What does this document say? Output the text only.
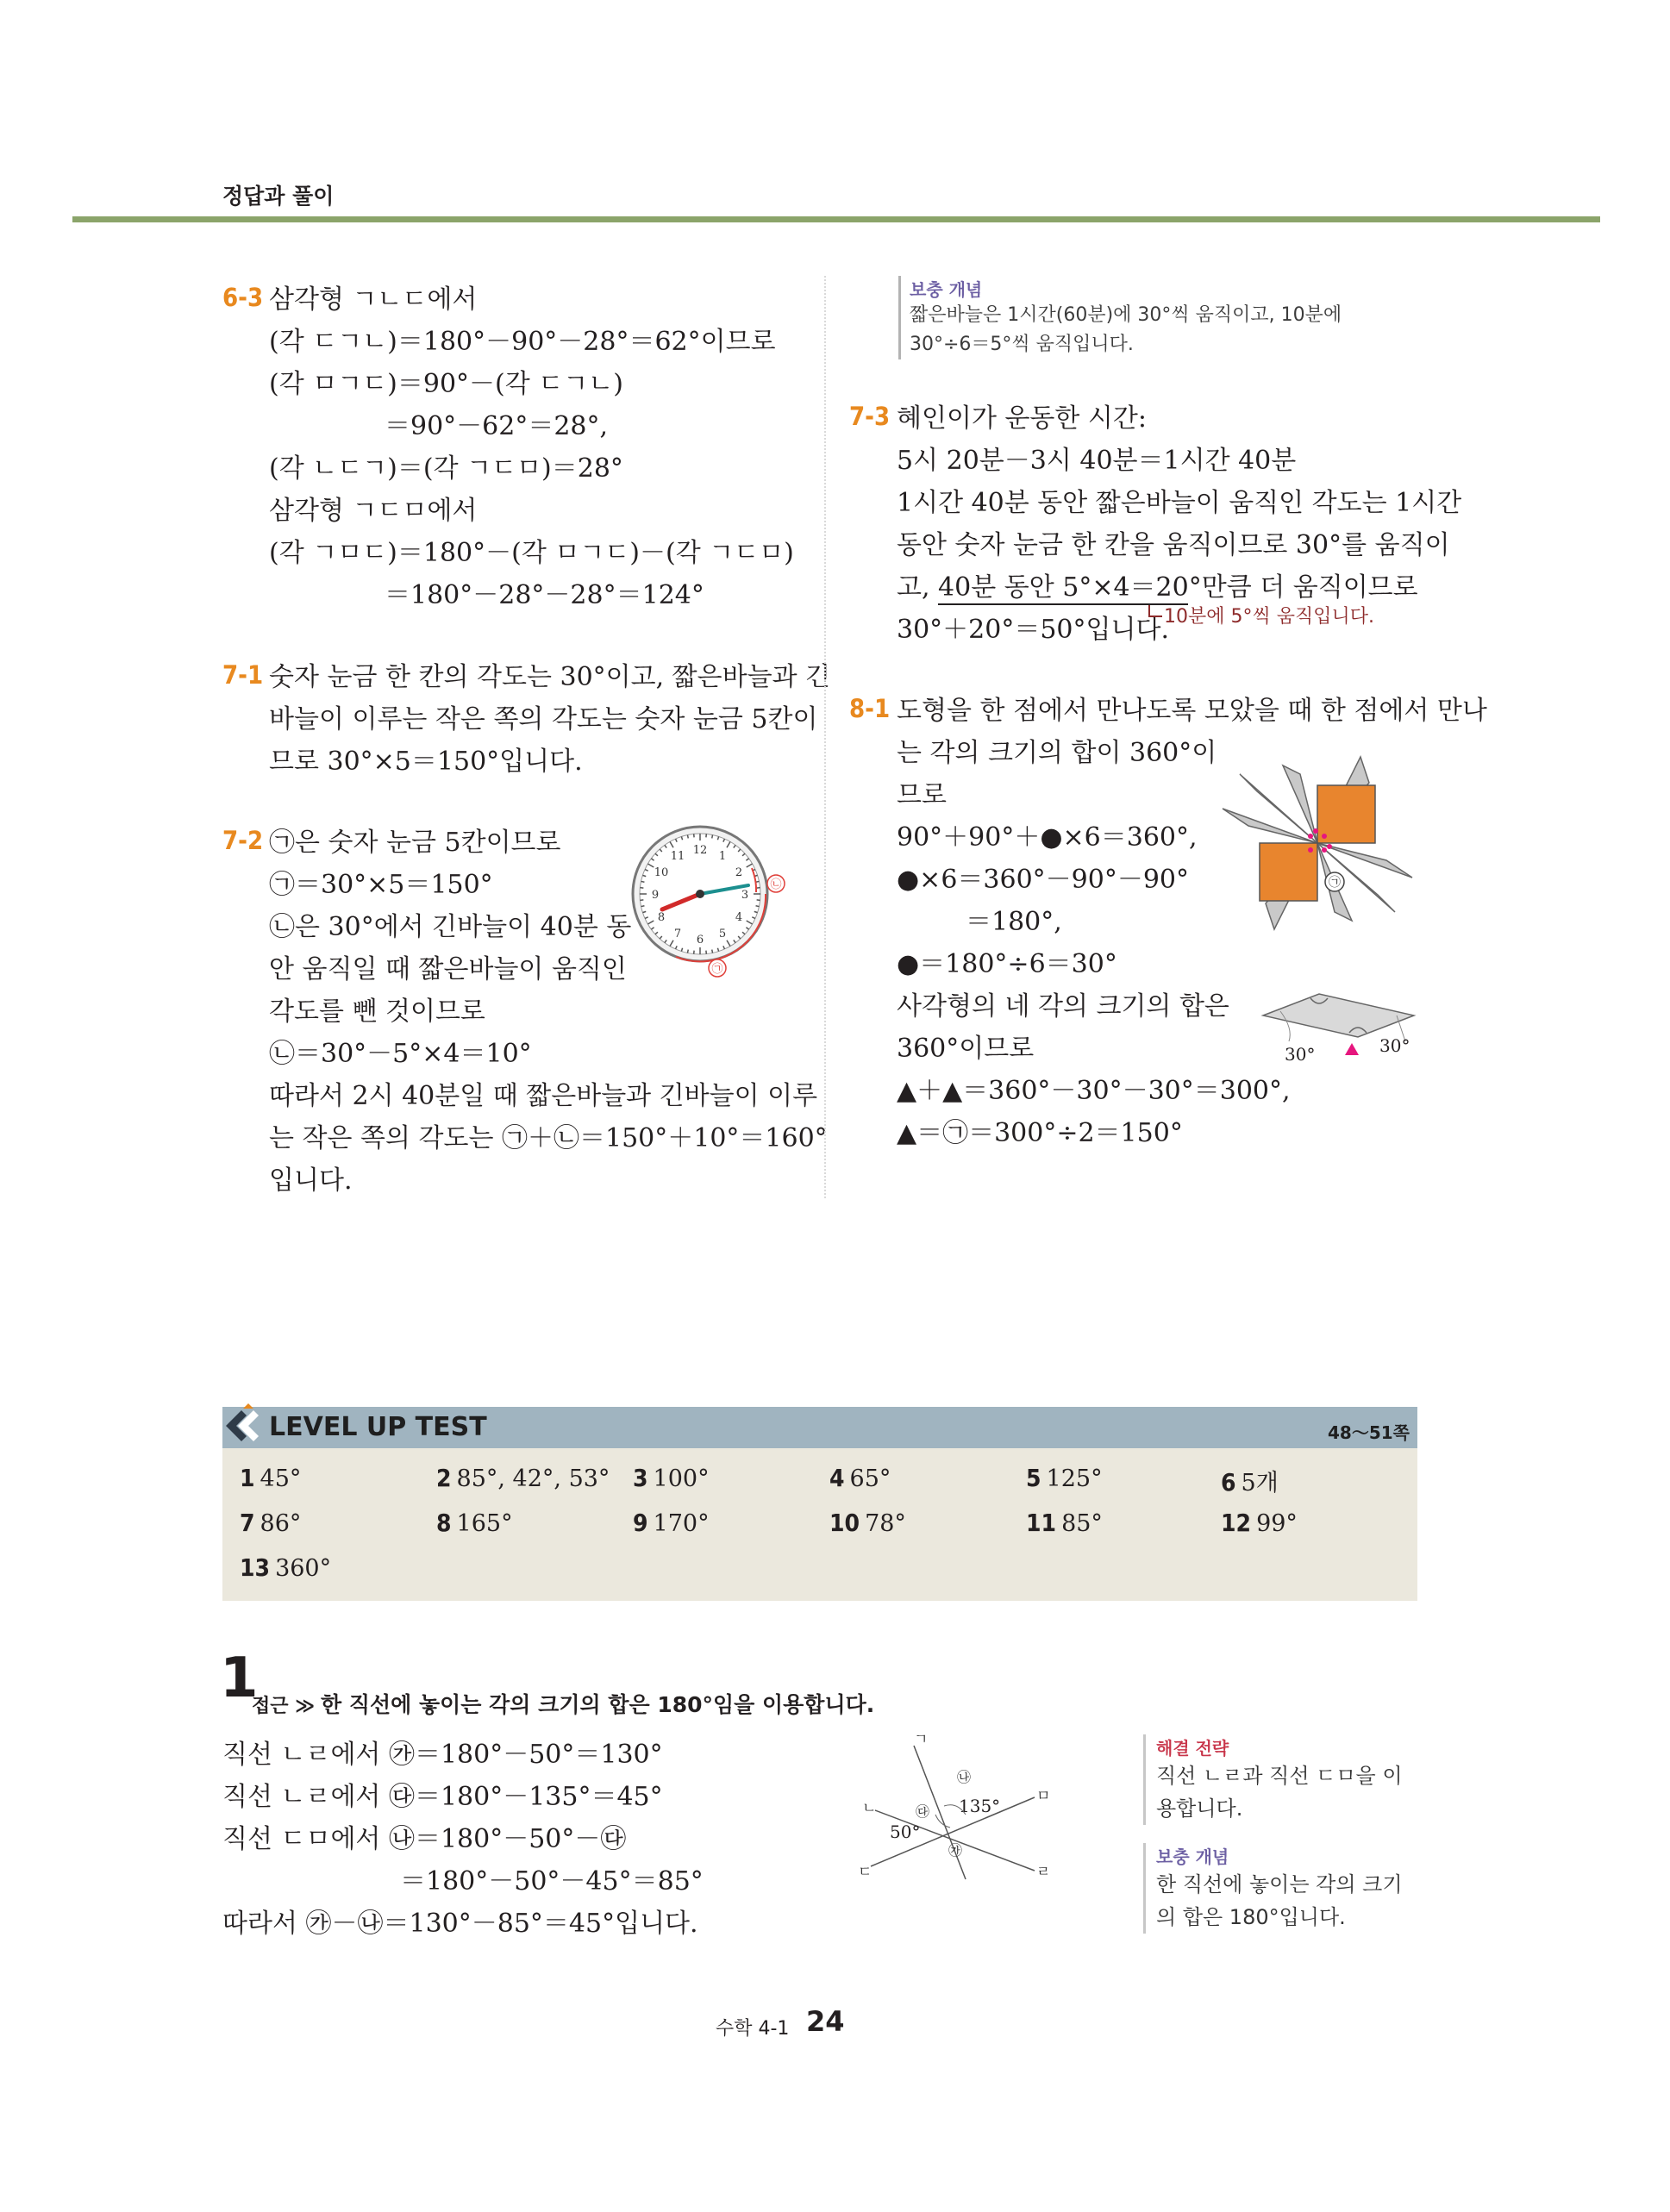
정답과 풀이
6-3 삼각형 ㄱㄴㄷ에서
(각 ㄷㄱㄴ)＝180°－90°－28°＝62°이므로
(각 ㅁㄱㄷ)＝90°－(각 ㄷㄱㄴ)
＝90°－62°＝28°,
(각 ㄴㄷㄱ)＝(각 ㄱㄷㅁ)＝28°
삼각형 ㄱㄷㅁ에서
(각 ㄱㅁㄷ)＝180°－(각 ㅁㄱㄷ)－(각 ㄱㄷㅁ)
＝180°－28°－28°＝124°
7-1 숫자 눈금 한 칸의 각도는 30°이고, 짧은바늘과 긴
바늘이 이루는 작은 쪽의 각도는 숫자 눈금 5칸이
므로 30°×5＝150°입니다.
7-2 ㉠은 숫자 눈금 5칸이므로
㉠＝30°×5＝150°
㉡은 30°에서 긴바늘이 40분 동
안 움직일 때 짧은바늘이 움직인
각도를 뺀 것이므로
㉡＝30°－5°×4＝10°
따라서 2시 40분일 때 짧은바늘과 긴바늘이 이루
는 작은 쪽의 각도는 ㉠＋㉡＝150°＋10°＝160°
입니다.
12 1
2
3
4
5
6
7
8
9
10
11
㉡
㉠
보충 개념
짧은바늘은 1시간(60분)에 30°씩 움직이고, 10분에
30°÷6＝5°씩 움직입니다.
7-3 혜인이가 운동한 시간:
5시 20분－3시 40분＝1시간 40분
1시간 40분 동안 짧은바늘이 움직인 각도는 1시간
동안 숫자 눈금 한 칸을 움직이므로 30°를 움직이
고, 40분 동안 5°×4＝20°만큼 더 움직이므로
30°＋20°＝50°입니다.
10분에 5°씩 움직입니다.
8-1 도형을 한 점에서 만나도록 모았을 때 한 점에서 만나
는 각의 크기의 합이 360°이
므로
90°＋90°＋●×6＝360°,
●×6＝360°－90°－90°
＝180°,
●＝180°÷6＝30°
사각형의 네 각의 크기의 합은
360°이므로
▲＋▲＝360°－30°－30°＝300°,
▲＝㉠＝300°÷2＝150°
㉠
30°	30°
LEVEL UP TEST	48～51쪽
1 45°	2 85°, 42°, 53° 3 100°	4 65°	5 125°	6 5개
7 86°	8 165°	9 170°	10 78°	11 85°	12 99°
13 360°
1
접근 ≫ 한 직선에 놓이는 각의 크기의 합은 180°임을 이용합니다.
직선 ㄴㄹ에서 ㉮＝180°－50°＝130°
직선 ㄴㄹ에서 ㉰＝180°－135°＝45°
직선 ㄷㅁ에서 ㉯＝180°－50°－㉰
＝180°－50°－45°＝85°
따라서 ㉮－㉯＝130°－85°＝45°입니다.
ㄱ
ㄴ
ㄷ
ㅁ
ㄹ
㉯
㉰
㉮
135°
50°
해결 전략
직선 ㄴㄹ과 직선 ㄷㅁ을 이
용합니다.
보충 개념
한 직선에 놓이는 각의 크기
의 합은 180°입니다.
수학 4-1 24
